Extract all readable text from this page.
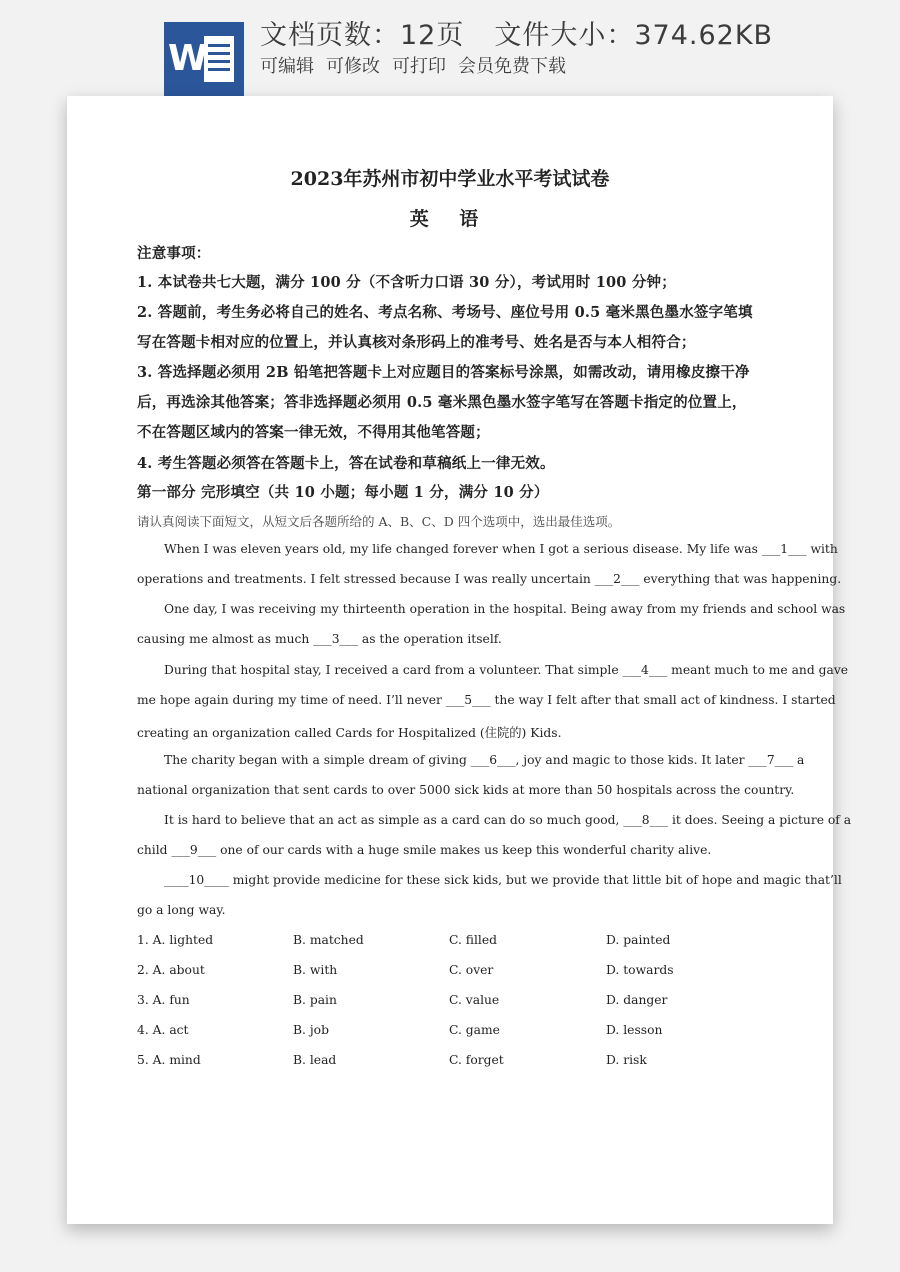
W
文档页数：12页 文件大小：374.62KB
可编辑 可修改 可打印 会员免费下载
2023年苏州市初中学业水平考试试卷
英 语
注意事项：
1. 本试卷共七大题，满分 100 分（不含听力口语 30 分），考试用时 100 分钟；
2. 答题前，考生务必将自己的姓名、考点名称、考场号、座位号用 0.5 毫米黑色墨水签字笔填
写在答题卡相对应的位置上，并认真核对条形码上的准考号、姓名是否与本人相符合；
3. 答选择题必须用 2B 铅笔把答题卡上对应题目的答案标号涂黑，如需改动，请用橡皮擦干净
后，再选涂其他答案；答非选择题必须用 0.5 毫米黑色墨水签字笔写在答题卡指定的位置上，
不在答题区域内的答案一律无效，不得用其他笔答题；
4. 考生答题必须答在答题卡上，答在试卷和草稿纸上一律无效。
第一部分 完形填空（共 10 小题；每小题 1 分，满分 10 分）
请认真阅读下面短文，从短文后各题所给的 A、B、C、D 四个选项中，选出最佳选项。
When I was eleven years old, my life changed forever when I got a serious disease. My life was ___1___ with
operations and treatments. I felt stressed because I was really uncertain ___2___ everything that was happening.
One day, I was receiving my thirteenth operation in the hospital. Being away from my friends and school was
causing me almost as much ___3___ as the operation itself.
During that hospital stay, I received a card from a volunteer. That simple ___4___ meant much to me and gave
me hope again during my time of need. I’ll never ___5___ the way I felt after that small act of kindness. I started
creating an organization called Cards for Hospitalized (住院的) Kids.
The charity began with a simple dream of giving ___6___, joy and magic to those kids. It later ___7___ a
national organization that sent cards to over 5000 sick kids at more than 50 hospitals across the country.
It is hard to believe that an act as simple as a card can do so much good, ___8___ it does. Seeing a picture of a
child ___9___ one of our cards with a huge smile makes us keep this wonderful charity alive.
____10____ might provide medicine for these sick kids, but we provide that little bit of hope and magic that’ll
go a long way.
1. A. lighted	B. matched	C. filled	D. painted
2. A. about	B. with	C. over	D. towards
3. A. fun	B. pain	C. value	D. danger
4. A. act	B. job	C. game	D. lesson
5. A. mind	B. lead	C. forget	D. risk
